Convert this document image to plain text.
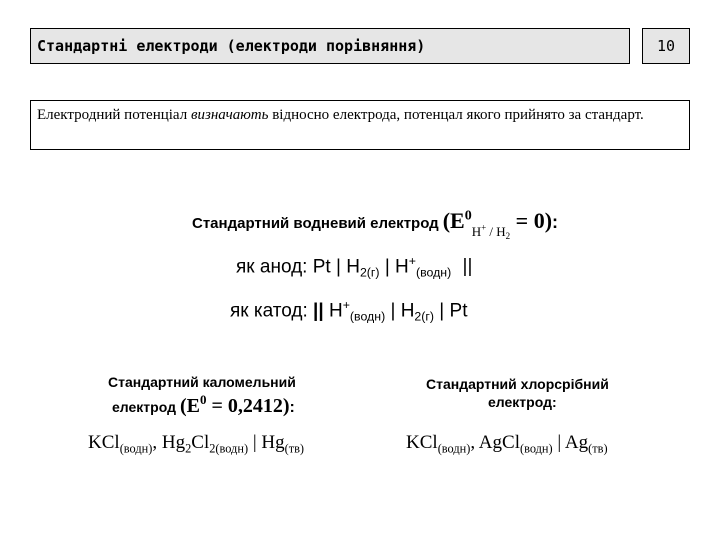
Стандартні електроди (електроди порівняння)	10
Електродний потенціал визначають відносно електрода, потенцал якого прийнято за стандарт.
Стандартний водневий електрод $(E^0_{H^+ / H_2} = 0)$:
як анод: Pt | $H_{2(г)}$ | $H^+_{(водн)}$ ||
як катод: || $H^+_{(водн)}$ | $H_{2(г)}$ | Pt
Стандартний каломельний
електрод $(E^0 = 0,2412)$:
KCl$_{(водн)}$, $Hg_2Cl_{2(водн)}$ | $Hg_{(тв)}$
Стандартний хлорсрібний
електрод:
KCl$_{(водн)}$, AgCl$_{(водн)}$ | $Ag_{(тв)}$
